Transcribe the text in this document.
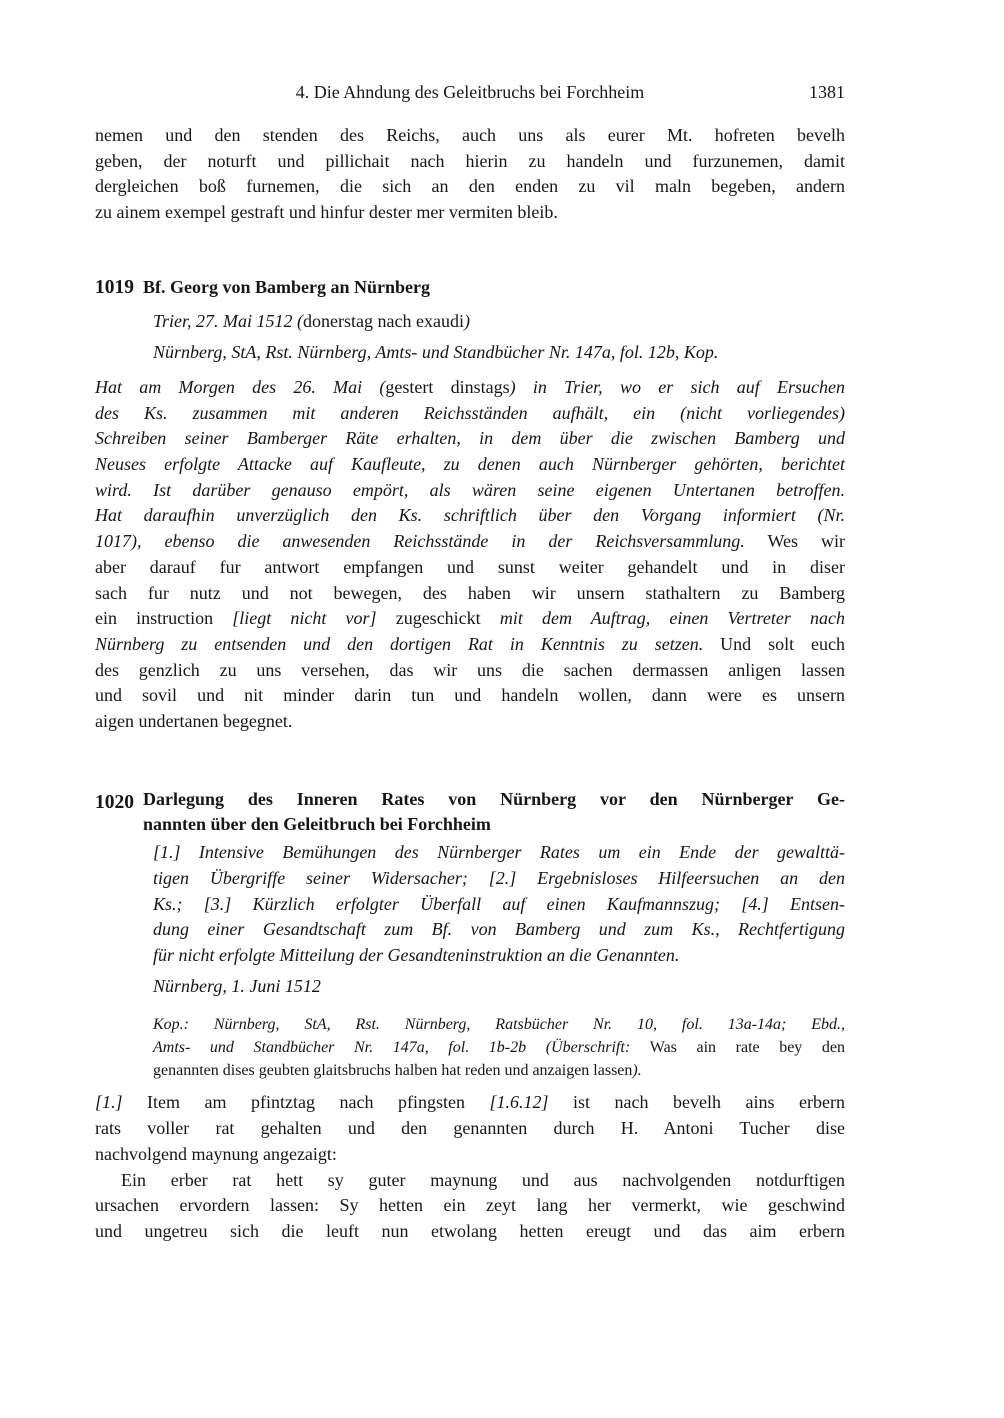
4. Die Ahndung des Geleitbruchs bei Forchheim	1381

nemen und den stenden des Reichs, auch uns als eurer Mt. hofreten bevelh
geben, der noturft und pillichait nach hierin zu handeln und furzunemen, damit
dergleichen boß furnemen, die sich an den enden zu vil maln begeben, andern
zu ainem exempel gestraft und hinfur dester mer vermiten bleib.

1019 Bf. Georg von Bamberg an Nürnberg
Trier, 27. Mai 1512 (donerstag nach exaudi)
Nürnberg, StA, Rst. Nürnberg, Amts- und Standbücher Nr. 147a, fol. 12b, Kop.

Hat am Morgen des 26. Mai (gestert dinstags) in Trier, wo er sich auf Ersuchen
des Ks. zusammen mit anderen Reichsständen aufhält, ein (nicht vorliegendes)
Schreiben seiner Bamberger Räte erhalten, in dem über die zwischen Bamberg und
Neuses erfolgte Attacke auf Kaufleute, zu denen auch Nürnberger gehörten, berichtet
wird. Ist darüber genauso empört, als wären seine eigenen Untertanen betroffen.
Hat daraufhin unverzüglich den Ks. schriftlich über den Vorgang informiert (Nr.
1017), ebenso die anwesenden Reichsstände in der Reichsversammlung. Wes wir
aber darauf fur antwort empfangen und sunst weiter gehandelt und in diser
sach fur nutz und not bewegen, des haben wir unsern stathaltern zu Bamberg
ein instruction [liegt nicht vor] zugeschickt mit dem Auftrag, einen Vertreter nach
Nürnberg zu entsenden und den dortigen Rat in Kenntnis zu setzen. Und solt euch
des genzlich zu uns versehen, das wir uns die sachen dermassen anligen lassen
und sovil und nit minder darin tun und handeln wollen, dann were es unsern
aigen undertanen begegnet.

1020 Darlegung des Inneren Rates von Nürnberg vor den Nürnberger Ge-
nannten über den Geleitbruch bei Forchheim

[1.] Intensive Bemühungen des Nürnberger Rates um ein Ende der gewalttä-
tigen Übergriffe seiner Widersacher; [2.] Ergebnisloses Hilfeersuchen an den
Ks.; [3.] Kürzlich erfolgter Überfall auf einen Kaufmannszug; [4.] Entsen-
dung einer Gesandtschaft zum Bf. von Bamberg und zum Ks., Rechtfertigung
für nicht erfolgte Mitteilung der Gesandteninstruktion an die Genannten.

Nürnberg, 1. Juni 1512

Kop.: Nürnberg, StA, Rst. Nürnberg, Ratsbücher Nr. 10, fol. 13a-14a; Ebd.,
Amts- und Standbücher Nr. 147a, fol. 1b-2b (Überschrift: Was ain rate bey den
genannten dises geubten glaitsbruchs halben hat reden und anzaigen lassen).

[1.] Item am pfintztag nach pfingsten [1.6.12] ist nach bevelh ains erbern
rats voller rat gehalten und den genannten durch H. Antoni Tucher dise
nachvolgend maynung angezaigt:

Ein erber rat hett sy guter maynung und aus nachvolgenden notdurftigen
ursachen ervordern lassen: Sy hetten ein zeyt lang her vermerkt, wie geschwind
und ungetreu sich die leuft nun etwolang hetten ereugt und das aim erbern
